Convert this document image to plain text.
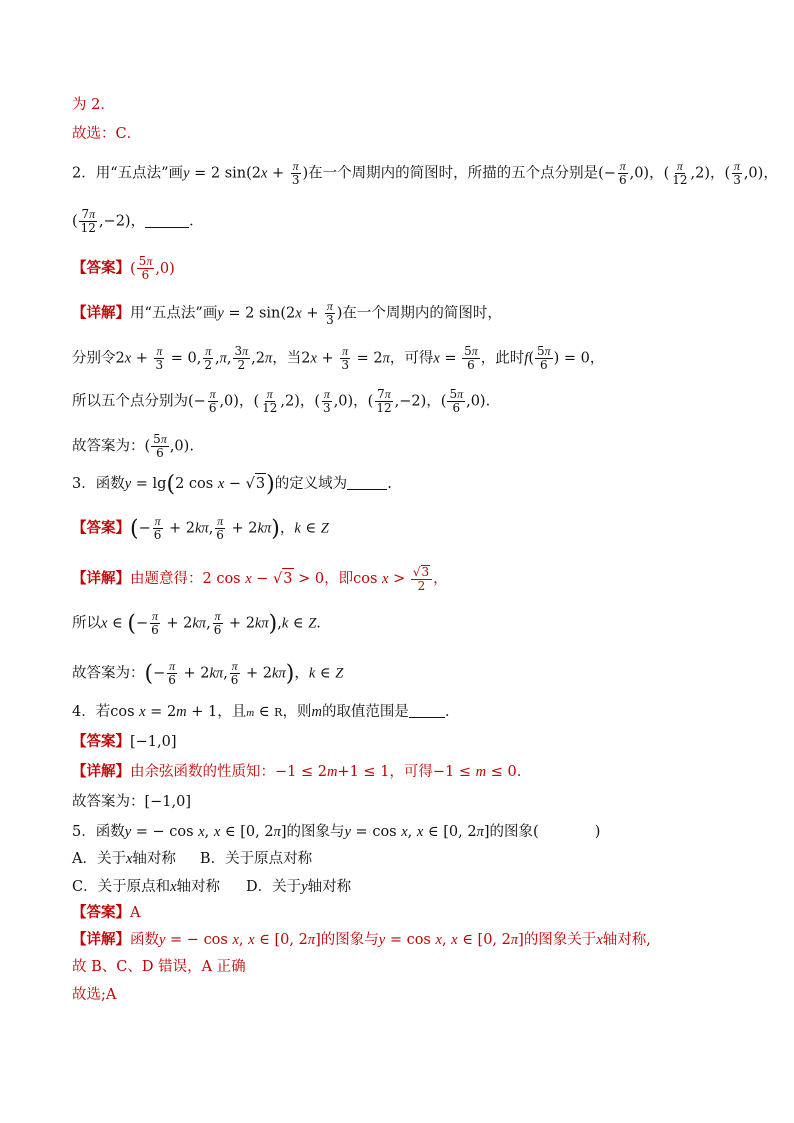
为 2．
故选：C．
2．用“五点法”画y = 2 $\sin(2x + \frac{\pi}{3}$ )在一个周期内的简图时，所描的五个点分别是(− $\frac{\pi}{6} ,0$)，( $\frac{\pi}{12} ,2$)，( $\frac{\pi}{3} ,0$)，
( $\frac{7\pi}{12} ,-2$)，	．
【答案】( $\frac{5\pi}{6} ,0$)
【详解】用“五点法”画y = 2 $\sin(2x + \frac{\pi}{3}$ )在一个周期内的简图时，
分别令$2x + \frac{\pi}{3} = 0$, $\frac{\pi}{2} ,\pi$, $\frac{3\pi}{2} ,2\pi$，当$2x + \frac{\pi}{3} = 2\pi$，可得$x = \frac{5\pi}{6}$ ，此时$f( \frac{5\pi}{6}$ ) = 0，
所以五个点分别为(− $\frac{\pi}{6} ,0$)，( $\frac{\pi}{12} ,2$)，( $\frac{\pi}{3} ,0$)，( $\frac{7\pi}{12} ,-2$)，( $\frac{5\pi}{6} ,0$).
故答案为：( $\frac{5\pi}{6} ,0$).
3．函数y = lg(2 cos x − √3)的定义域为	.
【答案】(− $\frac{\pi}{6} + 2k\pi$, $\frac{\pi}{6} + 2k\pi$)，k ∈ Z
【详解】由题意得：2 cos x − √3 > 0，即$\cos x > \frac{√3}{2}$ ，
所以x ∈ (− $\frac{\pi}{6} + 2k\pi$, $\frac{\pi}{6} + 2k\pi),k$ ∈ Z.
故答案为：(− $\frac{\pi}{6} + 2k\pi$, $\frac{\pi}{6} + 2k\pi$)，k ∈ Z
4．若cos x = 2m + 1，且m ∈ R，则m的取值范围是 ．
【答案】[−1,0]
【详解】由余弦函数的性质知：−1 ≤ 2m+1 ≤ 1，可得−1 ≤ m ≤ 0.
故答案为：[−1,0]
5．函数y = − cos x, x ∈ [0, 2π]的图象与y = cos x, x ∈ [0, 2π]的图象(	)
A．关于x轴对称 B．关于原点对称
C．关于原点和x轴对称 D．关于y轴对称
【答案】A
【详解】函数y = − cos x, x ∈ [0, 2π]的图象与y = cos x, x ∈ [0, 2π]的图象关于x轴对称,
故 B、C、D 错误，A 正确
故选;A
